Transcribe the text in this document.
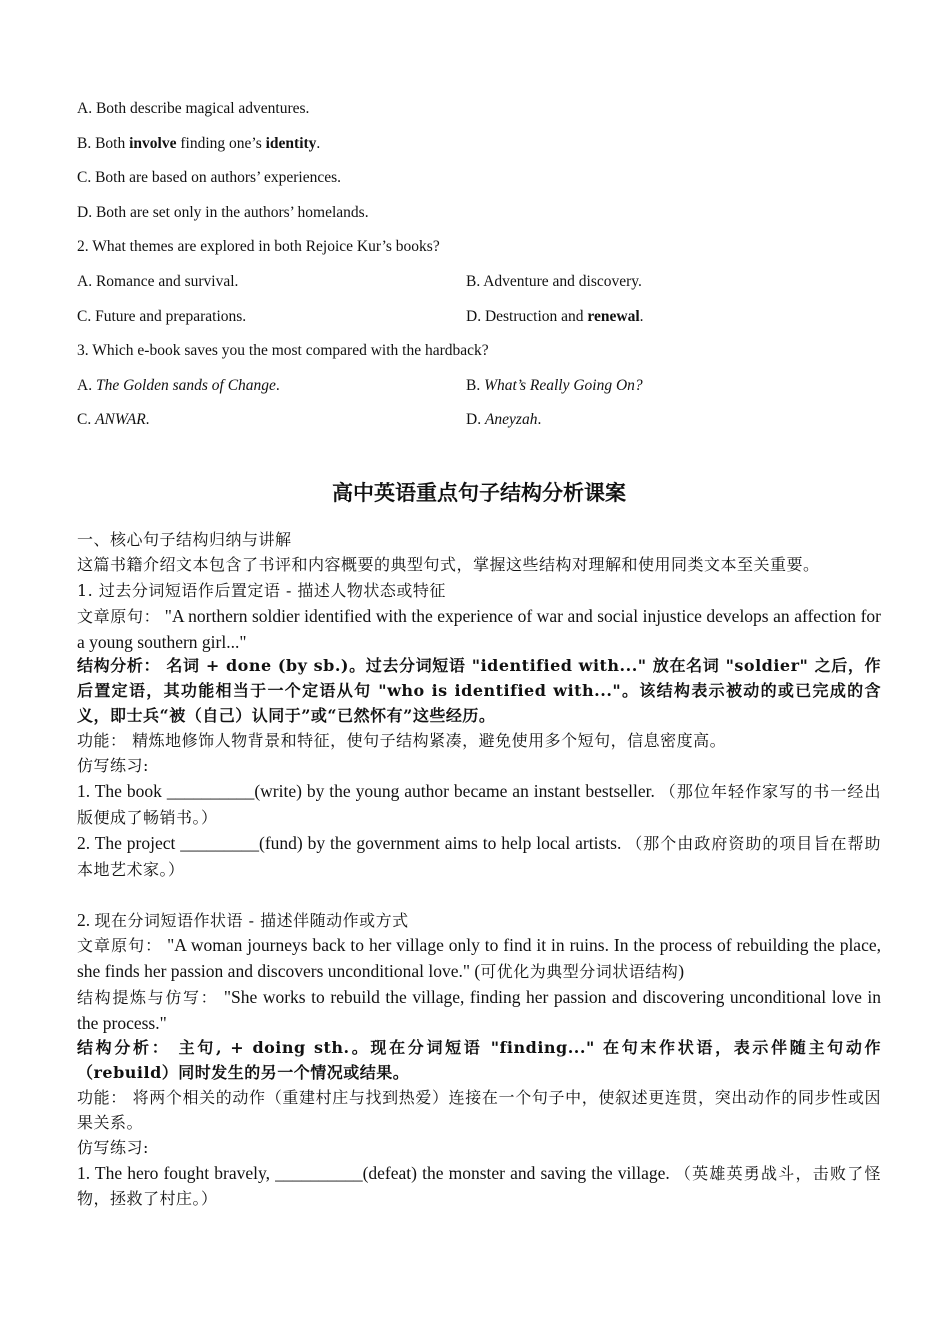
A. Both describe magical adventures.
B. Both involve finding one’s identity.
C. Both are based on authors’ experiences.
D. Both are set only in the authors’ homelands.
2. What themes are explored in both Rejoice Kur’s books?
A. Romance and survival.	B. Adventure and discovery.
C. Future and preparations.	D. Destruction and renewal.
3. Which e-book saves you the most compared with the hardback?
A. The Golden sands of Change.	B. What’s Really Going On?
C. ANWAR.	D. Aneyzah.
高中英语重点句子结构分析课案

一、核心句子结构归纳与讲解

这篇书籍介绍文本包含了书评和内容概要的典型句式，掌握这些结构对理解和使用同类文本至关重要。

1. 过去分词短语作后置定语 - 描述人物状态或特征

文章原句： "A northern soldier identified with the experience of war and social injustice develops an affection for a young southern girl..."

结构分析： 名词 + done (by sb.)。过去分词短语 "identified with..." 放在名词 "soldier" 之后，作后置定语，其功能相当于一个定语从句 "who is identified with..."。该结构表示被动的或已完成的含义，即士兵“被（自己）认同于”或“已然怀有”这些经历。

功能： 精炼地修饰人物背景和特征，使句子结构紧凑，避免使用多个短句，信息密度高。

仿写练习:

1. The book __________(write) by the young author became an instant bestseller. （那位年轻作家写的书一经出版便成了畅销书。）

2. The project _________(fund) by the government aims to help local artists. （那个由政府资助的项目旨在帮助本地艺术家。）

2. 现在分词短语作状语 - 描述伴随动作或方式

文章原句： "A woman journeys back to her village only to find it in ruins. In the process of rebuilding the place, she finds her passion and discovers unconditional love." (可优化为典型分词状语结构)

结构提炼与仿写： "She works to rebuild the village, finding her passion and discovering unconditional love in the process."

结构分析： 主句, + doing sth.。现在分词短语 "finding..." 在句末作状语，表示伴随主句动作（rebuild）同时发生的另一个情况或结果。

功能： 将两个相关的动作（重建村庄与找到热爱）连接在一个句子中，使叙述更连贯，突出动作的同步性或因果关系。

仿写练习:

1. The hero fought bravely, __________(defeat) the monster and saving the village. （英雄英勇战斗，击败了怪物，拯救了村庄。）
